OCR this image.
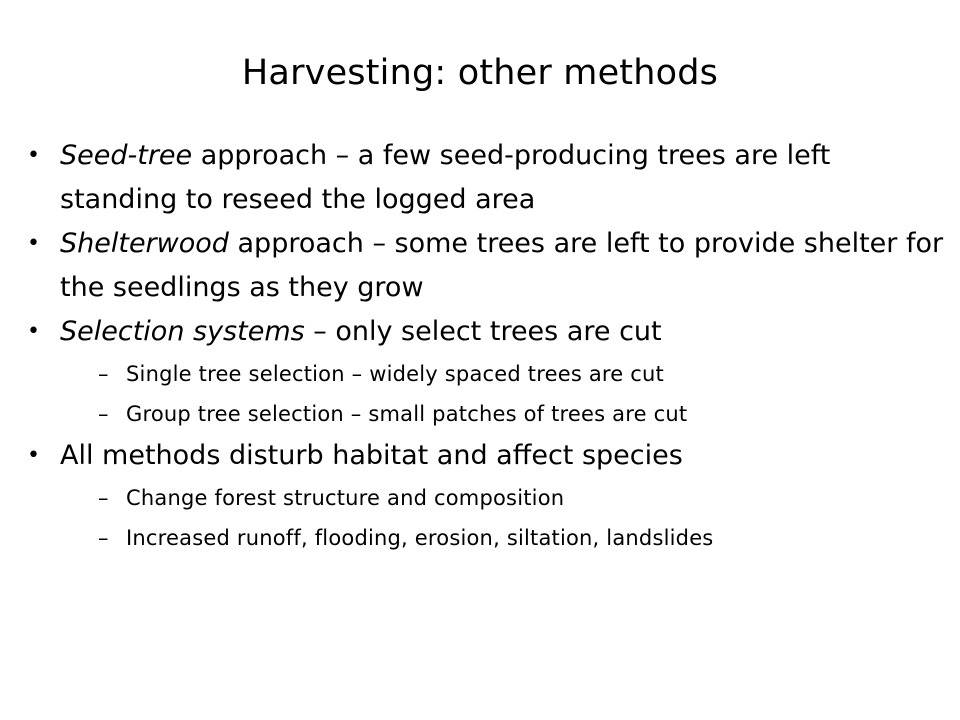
Harvesting: other methods
• Seed-tree approach – a few seed-producing trees are left standing to reseed the logged area
• Shelterwood approach – some trees are left to provide shelter for the seedlings as they grow
• Selection systems – only select trees are cut
– Single tree selection – widely spaced trees are cut
– Group tree selection – small patches of trees are cut
• All methods disturb habitat and affect species
– Change forest structure and composition
– Increased runoff, flooding, erosion, siltation, landslides
